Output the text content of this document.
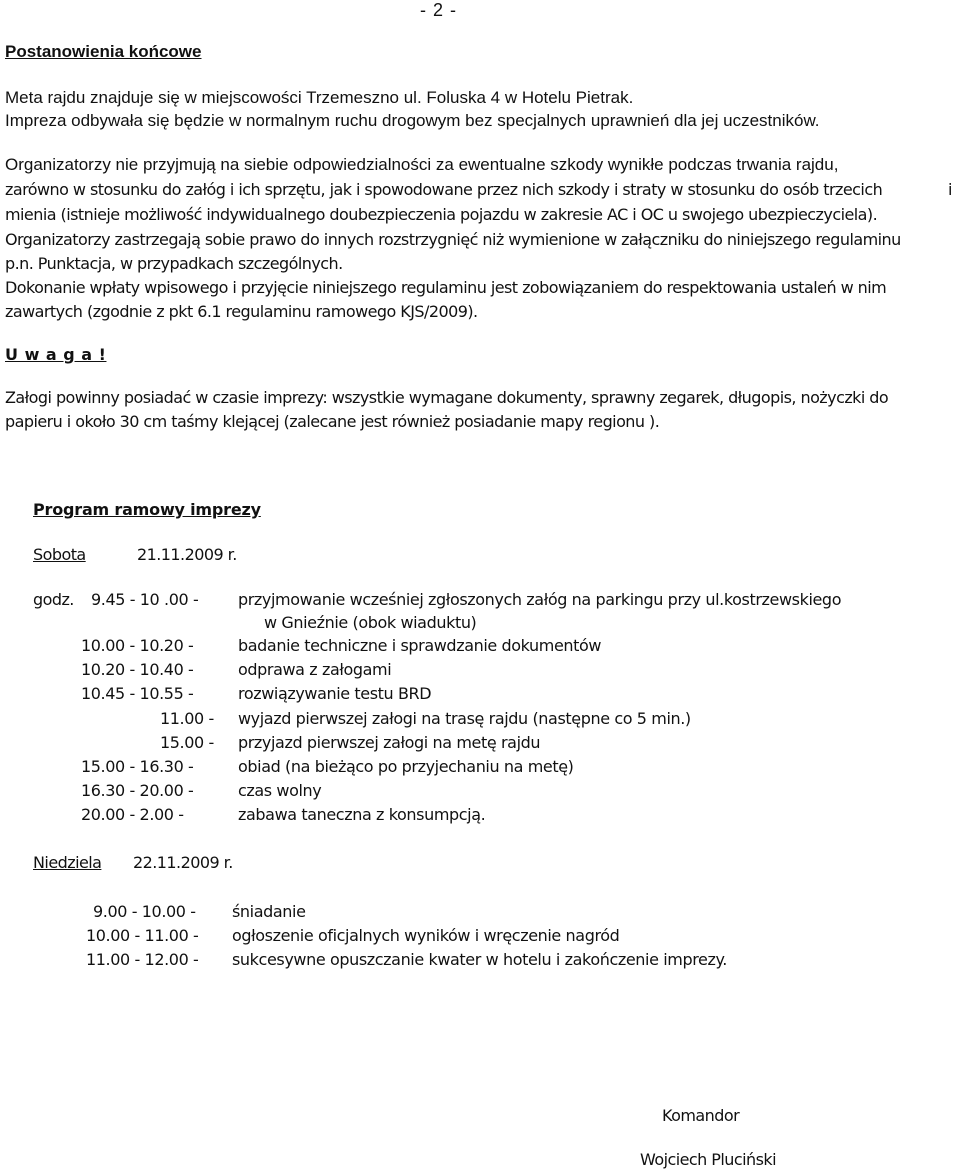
- 2 -
Postanowienia końcowe
Meta rajdu znajduje się w miejscowości Trzemeszno ul. Foluska 4 w Hotelu Pietrak.
Impreza odbywała się będzie w normalnym ruchu drogowym bez specjalnych uprawnień dla jej uczestników.
Organizatorzy nie przyjmują na siebie odpowiedzialności za ewentualne szkody wynikłe podczas trwania rajdu,
zarówno w stosunku do załóg i ich sprzętu, jak i spowodowane przez nich szkody i straty w stosunku do osób trzecich	i
mienia (istnieje możliwość indywidualnego doubezpieczenia pojazdu w zakresie AC i OC u swojego ubezpieczyciela).
Organizatorzy zastrzegają sobie prawo do innych rozstrzygnięć niż wymienione w załączniku do niniejszego regulaminu
p.n. Punktacja, w przypadkach szczególnych.
Dokonanie wpłaty wpisowego i przyjęcie niniejszego regulaminu jest zobowiązaniem do respektowania ustaleń w nim
zawartych (zgodnie z pkt 6.1 regulaminu ramowego KJS/2009).
U w a g a !
Załogi powinny posiadać w czasie imprezy: wszystkie wymagane dokumenty, sprawny zegarek, długopis, nożyczki do
papieru i około 30 cm taśmy klejącej (zalecane jest również posiadanie mapy regionu ).
Program ramowy imprezy
Sobota	21.11.2009 r.
godz. 9.45 - 10 .00 - przyjmowanie wcześniej zgłoszonych załóg na parkingu przy ul.kostrzewskiego
w Gnieźnie (obok wiaduktu)
10.00 - 10.20 -	badanie techniczne i sprawdzanie dokumentów
10.20 - 10.40 -	odprawa z załogami
10.45 - 10.55 -	rozwiązywanie testu BRD
11.00 - wyjazd pierwszej załogi na trasę rajdu (następne co 5 min.)
15.00 - przyjazd pierwszej załogi na metę rajdu
15.00 - 16.30 -	obiad (na bieżąco po przyjechaniu na metę)
16.30 - 20.00 -	czas wolny
20.00 - 2.00 -	zabawa taneczna z konsumpcją.
Niedziela 22.11.2009 r.
9.00 - 10.00 - śniadanie
10.00 - 11.00 - ogłoszenie oficjalnych wyników i wręczenie nagród
11.00 - 12.00 - sukcesywne opuszczanie kwater w hotelu i zakończenie imprezy.
Komandor
Wojciech Pluciński
